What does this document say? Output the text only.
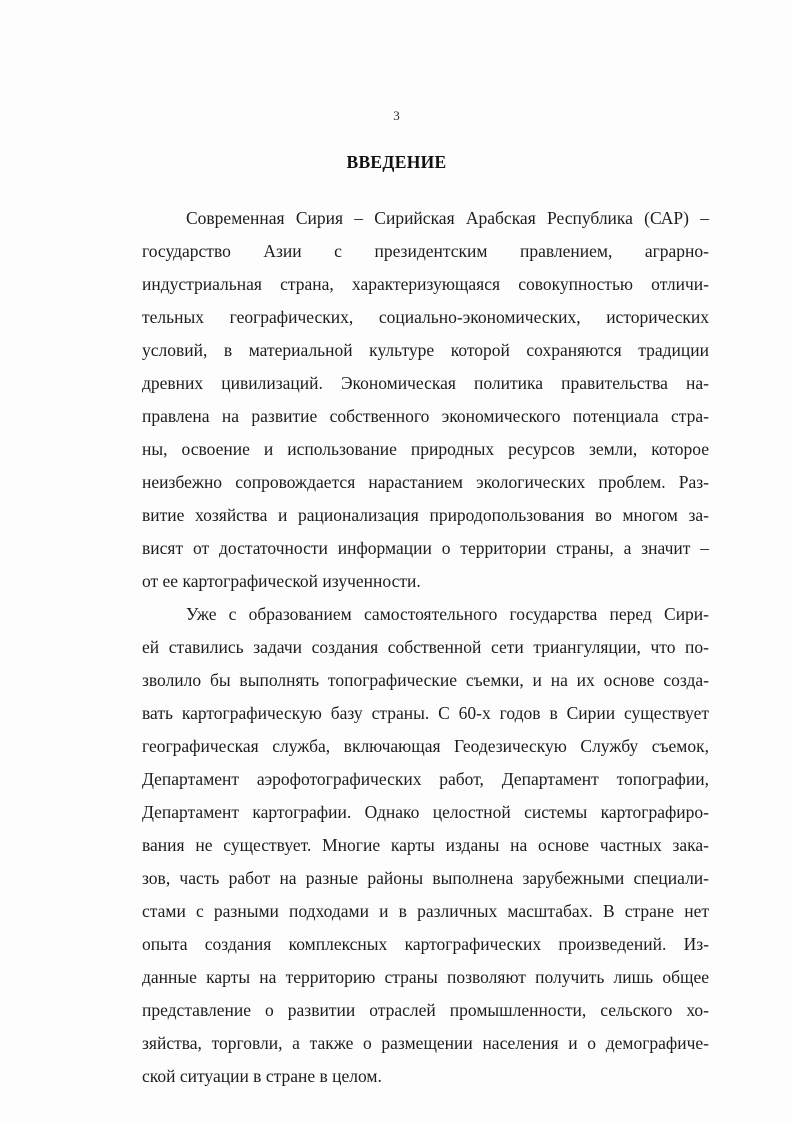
3
ВВЕДЕНИЕ
Современная Сирия – Сирийская Арабская Республика (САР) –
государство Азии с президентским правлением, аграрно-
индустриальная страна, характеризующаяся совокупностью отличи-
тельных географических, социально-экономических, исторических
условий, в материальной культуре которой сохраняются традиции
древних цивилизаций. Экономическая политика правительства на-
правлена на развитие собственного экономического потенциала стра-
ны, освоение и использование природных ресурсов земли, которое
неизбежно сопровождается нарастанием экологических проблем. Раз-
витие хозяйства и рационализация природопользования во многом за-
висят от достаточности информации о территории страны, а значит –
от ее картографической изученности.
Уже с образованием самостоятельного государства перед Сири-
ей ставились задачи создания собственной сети триангуляции, что по-
зволило бы выполнять топографические съемки, и на их основе созда-
вать картографическую базу страны. С 60-х годов в Сирии существует
географическая служба, включающая Геодезическую Службу съемок,
Департамент аэрофотографических работ, Департамент топографии,
Департамент картографии. Однако целостной системы картографиро-
вания не существует. Многие карты изданы на основе частных зака-
зов, часть работ на разные районы выполнена зарубежными специали-
стами с разными подходами и в различных масштабах. В стране нет
опыта создания комплексных картографических произведений. Из-
данные карты на территорию страны позволяют получить лишь общее
представление о развитии отраслей промышленности, сельского хо-
зяйства, торговли, а также о размещении населения и о демографиче-
ской ситуации в стране в целом.
